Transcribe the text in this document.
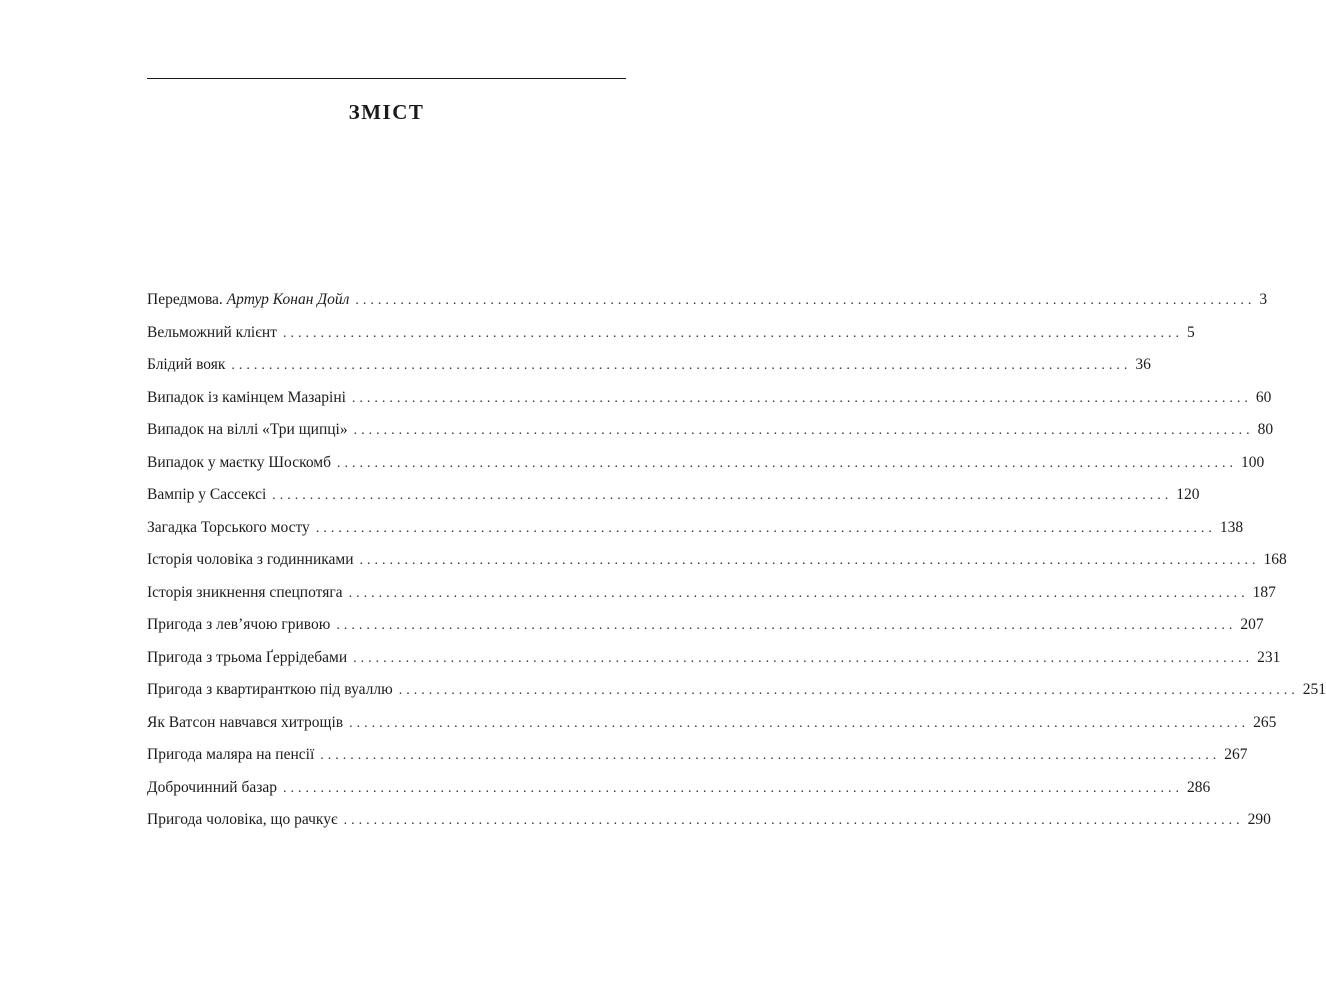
ЗМІСТ
Передмова. Артур Конан Дойл ........................................................................................................................ 3
Вельможний клієнт ........................................................................................................................ 5
Блідий вояк ........................................................................................................................ 36
Випадок із камінцем Мазаріні ........................................................................................................................ 60
Випадок на віллі «Три щипці» ........................................................................................................................ 80
Випадок у маєтку Шоскомб ........................................................................................................................ 100
Вампір у Сассексі ........................................................................................................................ 120
Загадка Торського мосту ........................................................................................................................ 138
Історія чоловіка з годинниками ........................................................................................................................ 168
Історія зникнення спецпотяга ........................................................................................................................ 187
Пригода з лев’ячою гривою ........................................................................................................................ 207
Пригода з трьома Ґеррідебами ........................................................................................................................ 231
Пригода з квартиранткою під вуаллю ........................................................................................................................ 251
Як Ватсон навчався хитрощів ........................................................................................................................ 265
Пригода маляра на пенсії ........................................................................................................................ 267
Доброчинний базар ........................................................................................................................ 286
Пригода чоловіка, що рачкує ........................................................................................................................ 290
